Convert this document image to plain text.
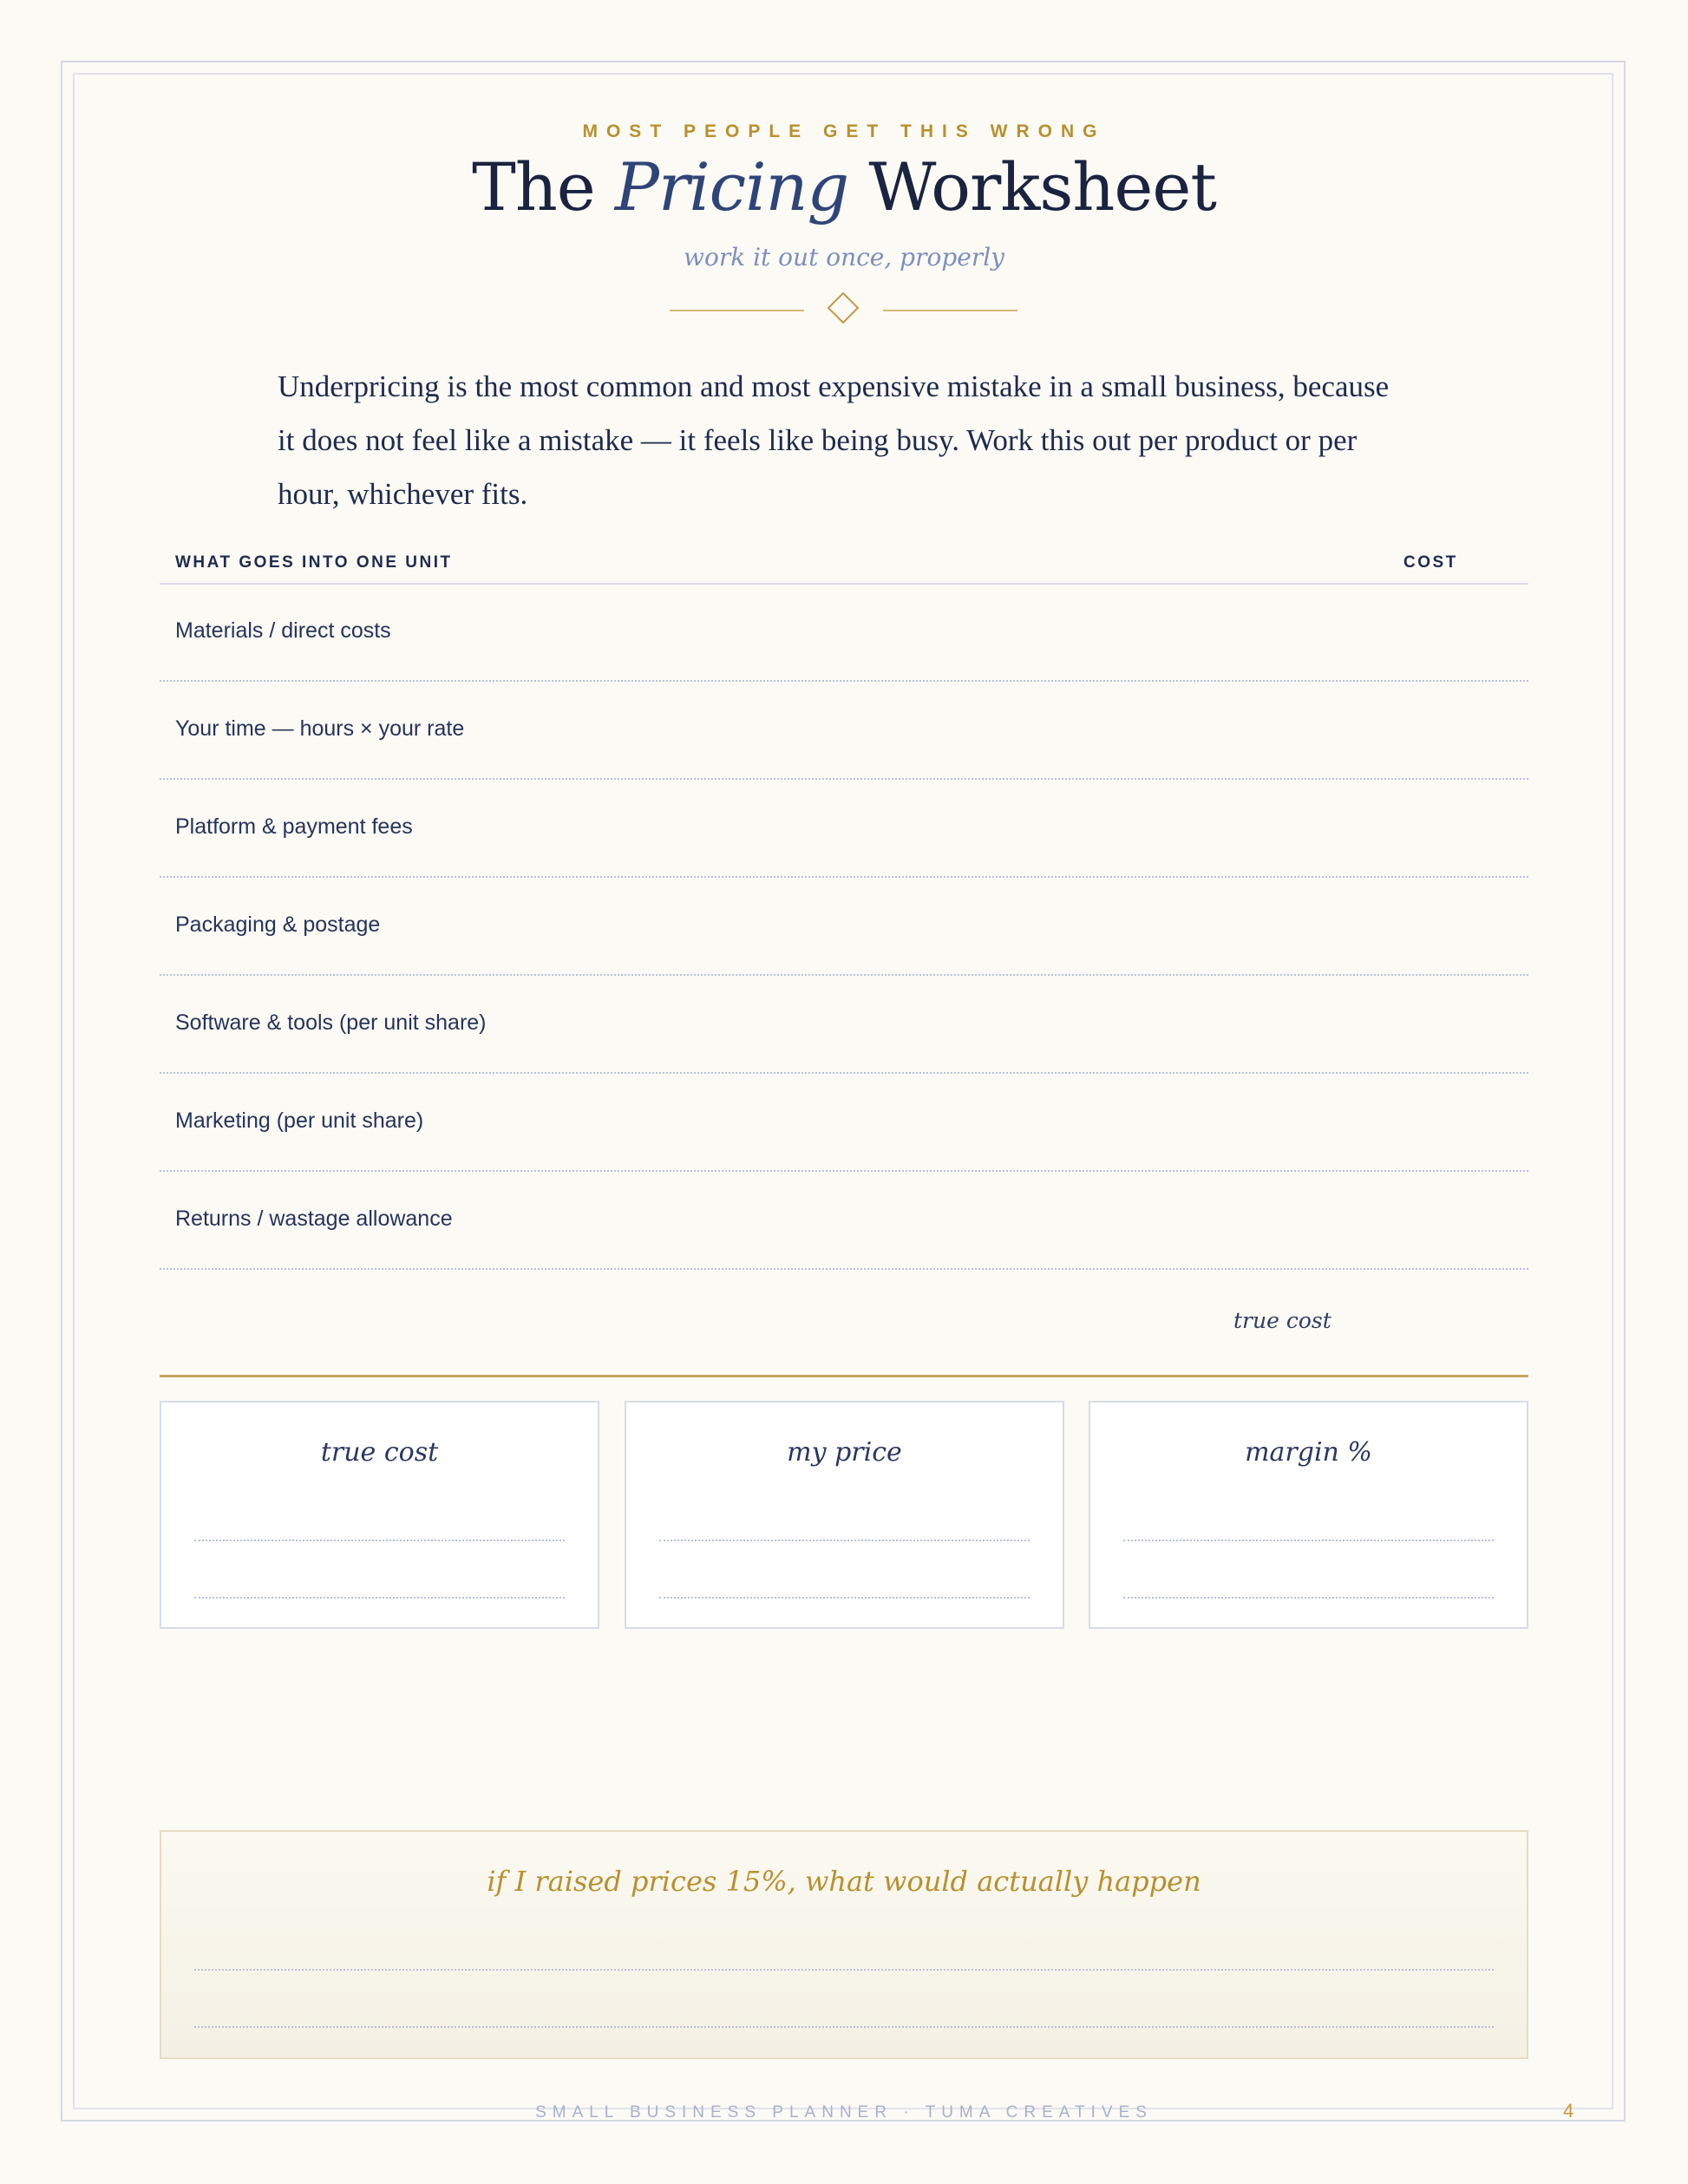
MOST PEOPLE GET THIS WRONG
The Pricing Worksheet
work it out once, properly
Underpricing is the most common and most expensive mistake in a small business, because it does not feel like a mistake — it feels like being busy. Work this out per product or per hour, whichever fits.
WHAT GOES INTO ONE UNIT	COST
Materials / direct costs
Your time — hours × your rate
Platform & payment fees
Packaging & postage
Software & tools (per unit share)
Marketing (per unit share)
Returns / wastage allowance
true cost
true cost	my price	margin %
if I raised prices 15%, what would actually happen
SMALL BUSINESS PLANNER · TUMA CREATIVES	4
